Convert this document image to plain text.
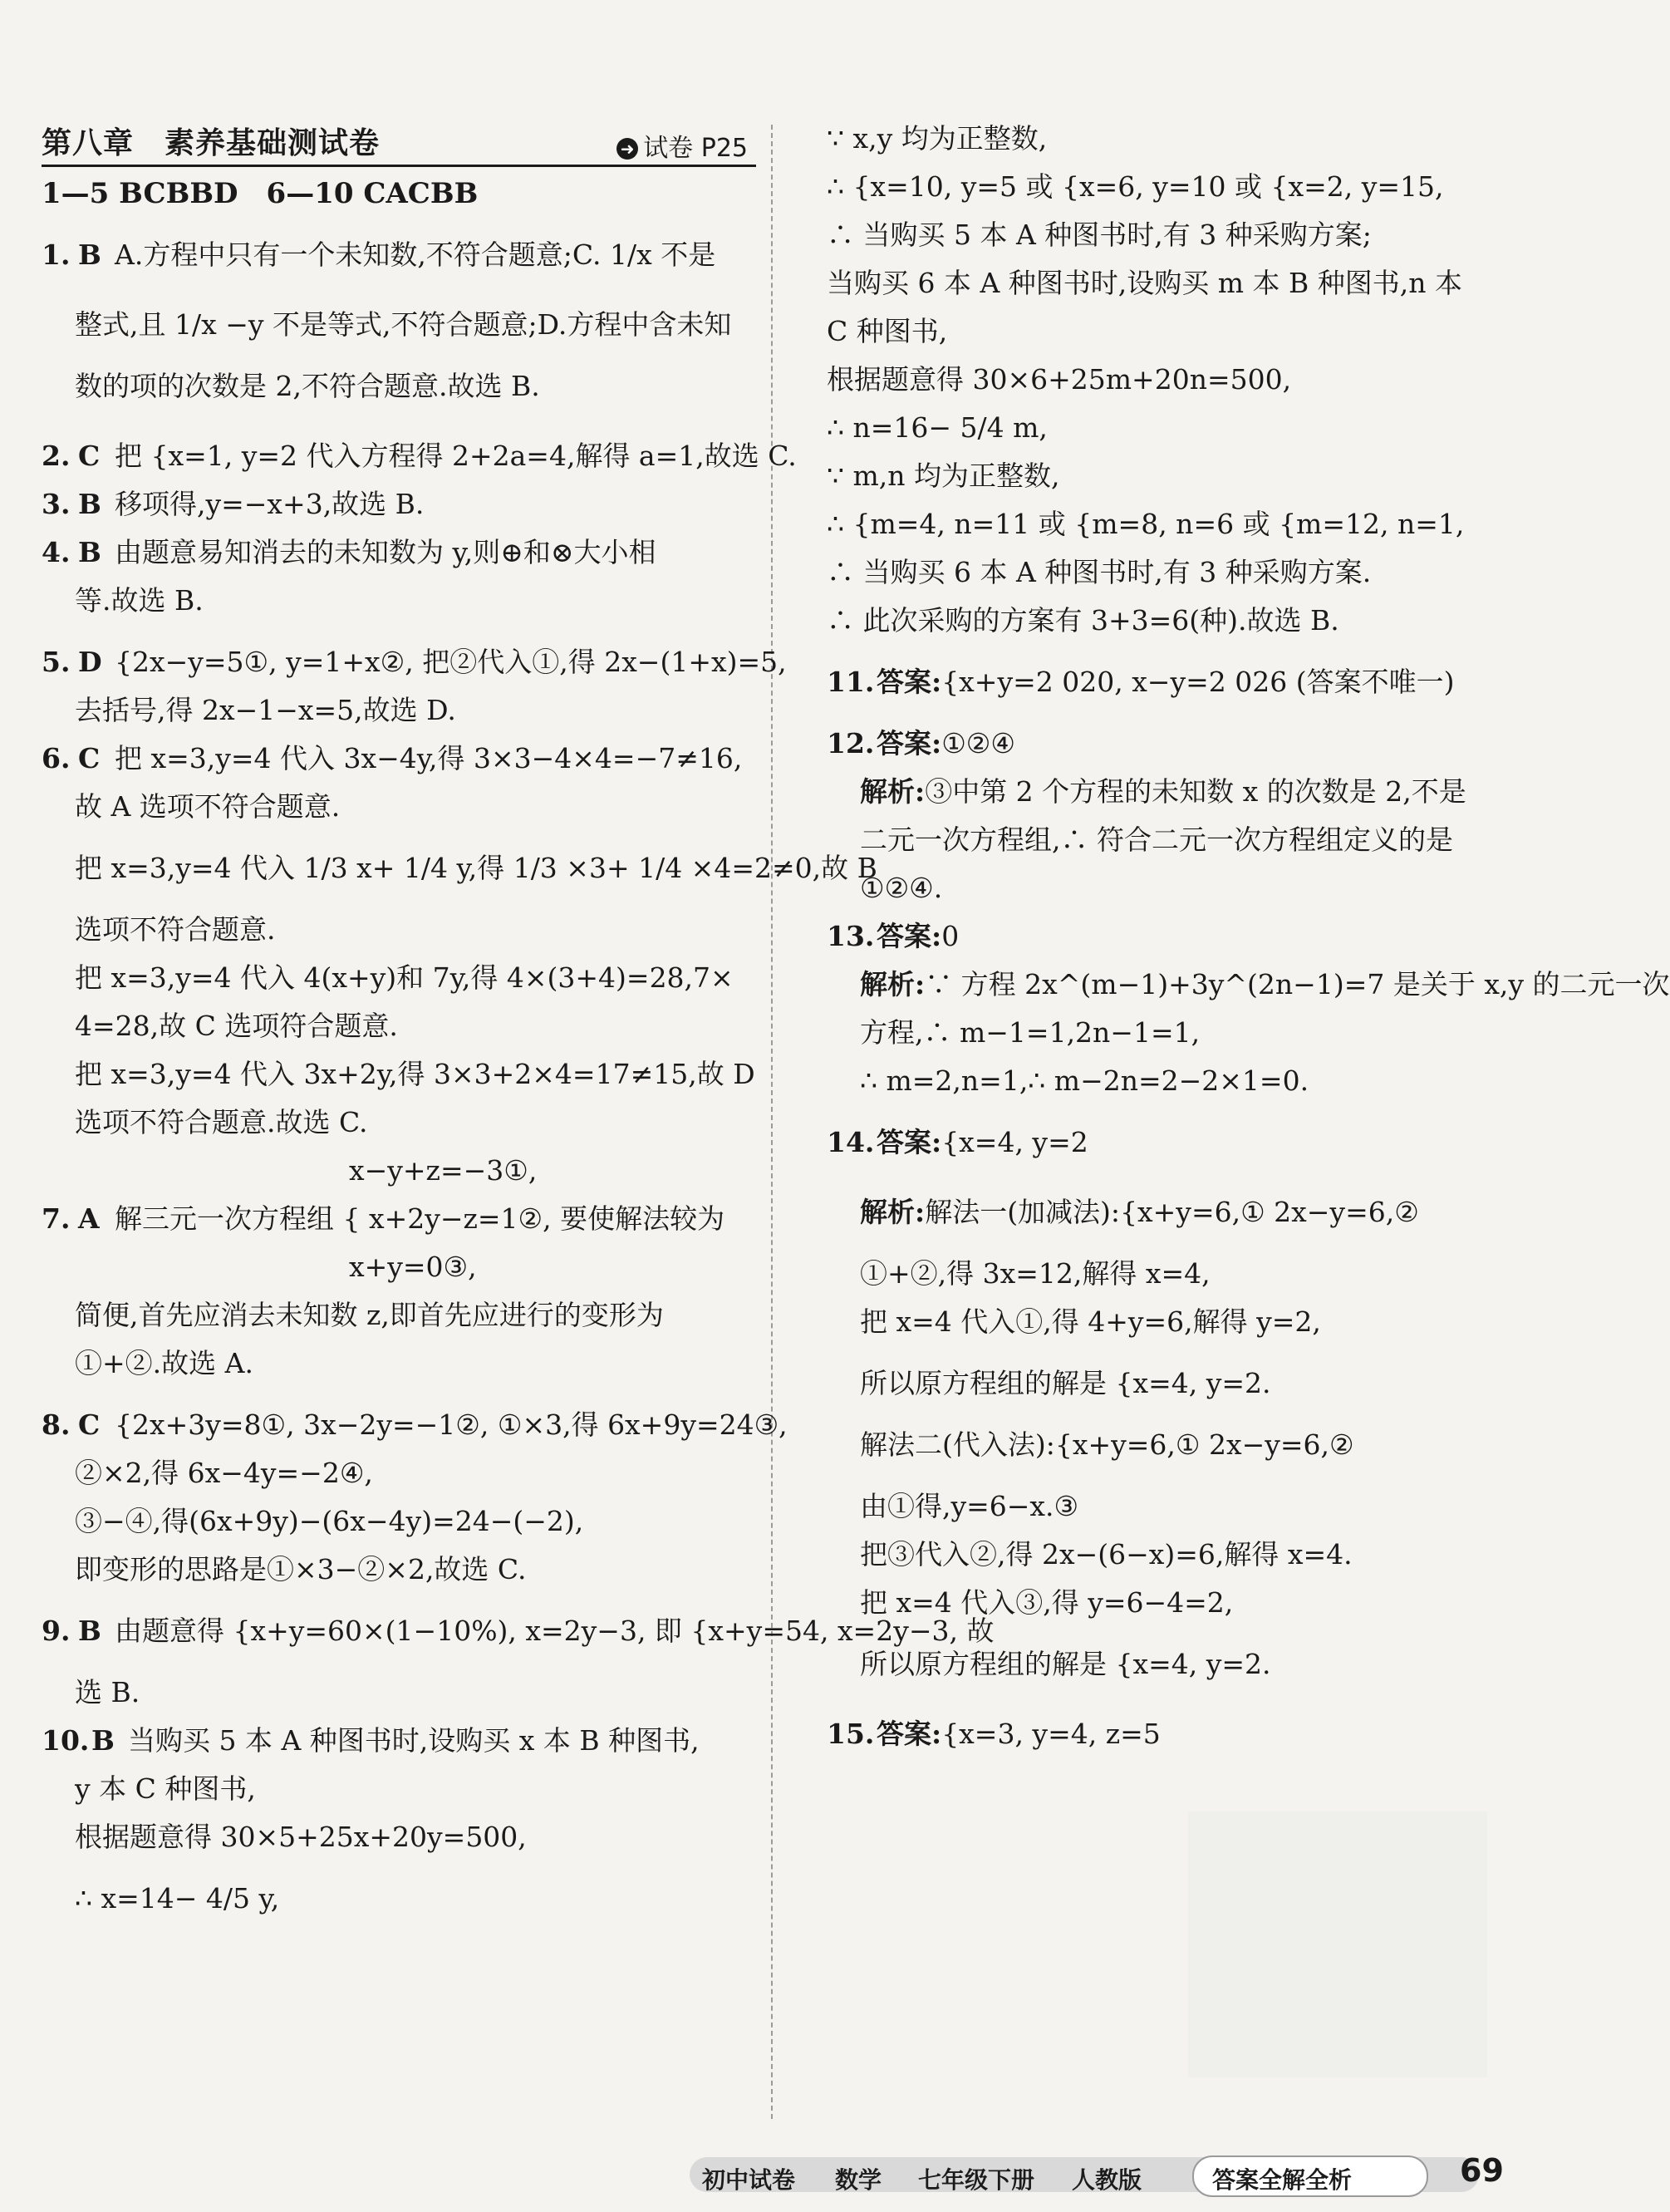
第八章　素养基础测试卷	➜ 试卷 P25
1—5 BCBBD　6—10 CACBB
1. B A.方程中只有一个未知数,不符合题意;C. 1/x 不是
整式,且 1/x −y 不是等式,不符合题意;D.方程中含未知
数的项的次数是 2,不符合题意.故选 B.
2. C 把 {x=1, y=2 代入方程得 2+2a=4,解得 a=1,故选 C.
3. B 移项得,y=−x+3,故选 B.
4. B 由题意易知消去的未知数为 y,则⊕和⊗大小相
等.故选 B.
5. D {2x−y=5①, y=1+x②, 把②代入①,得 2x−(1+x)=5,
去括号,得 2x−1−x=5,故选 D.
6. C 把 x=3,y=4 代入 3x−4y,得 3×3−4×4=−7≠16,
故 A 选项不符合题意.
把 x=3,y=4 代入 1/3 x+ 1/4 y,得 1/3 ×3+ 1/4 ×4=2≠0,故 B
选项不符合题意.
把 x=3,y=4 代入 4(x+y)和 7y,得 4×(3+4)=28,7×
4=28,故 C 选项符合题意.
把 x=3,y=4 代入 3x+2y,得 3×3+2×4=17≠15,故 D
选项不符合题意.故选 C.
x−y+z=−3①,
7. A 解三元一次方程组 { x+2y−z=1②, 要使解法较为
x+y=0③,
简便,首先应消去未知数 z,即首先应进行的变形为
①+②.故选 A.
8. C {2x+3y=8①, 3x−2y=−1②, ①×3,得 6x+9y=24③,
②×2,得 6x−4y=−2④,
③−④,得(6x+9y)−(6x−4y)=24−(−2),
即变形的思路是①×3−②×2,故选 C.
9. B 由题意得 {x+y=60×(1−10%), x=2y−3, 即 {x+y=54, x=2y−3, 故
选 B.
10.B 当购买 5 本 A 种图书时,设购买 x 本 B 种图书,
y 本 C 种图书,
根据题意得 30×5+25x+20y=500,
∴ x=14− 4/5 y,
∵ x,y 均为正整数,
∴ {x=10, y=5 或 {x=6, y=10 或 {x=2, y=15,
∴ 当购买 5 本 A 种图书时,有 3 种采购方案;
当购买 6 本 A 种图书时,设购买 m 本 B 种图书,n 本
C 种图书,
根据题意得 30×6+25m+20n=500,
∴ n=16− 5/4 m,
∵ m,n 均为正整数,
∴ {m=4, n=11 或 {m=8, n=6 或 {m=12, n=1,
∴ 当购买 6 本 A 种图书时,有 3 种采购方案.
∴ 此次采购的方案有 3+3=6(种).故选 B.
11.答案:{x+y=2 020, x−y=2 026 (答案不唯一)
12.答案:①②④
解析:③中第 2 个方程的未知数 x 的次数是 2,不是
二元一次方程组,∴ 符合二元一次方程组定义的是
①②④.
13.答案:0
解析:∵ 方程 2x^(m−1)+3y^(2n−1)=7 是关于 x,y 的二元一次
方程,∴ m−1=1,2n−1=1,
∴ m=2,n=1,∴ m−2n=2−2×1=0.
14.答案:{x=4, y=2
解析:解法一(加减法):{x+y=6,① 2x−y=6,②
①+②,得 3x=12,解得 x=4,
把 x=4 代入①,得 4+y=6,解得 y=2,
所以原方程组的解是 {x=4, y=2.
解法二(代入法):{x+y=6,① 2x−y=6,②
由①得,y=6−x.③
把③代入②,得 2x−(6−x)=6,解得 x=4.
把 x=4 代入③,得 y=6−4=2,
所以原方程组的解是 {x=4, y=2.
15.答案:{x=3, y=4, z=5
初中试卷 数学 七年级下册 人教版	答案全解全析	69
